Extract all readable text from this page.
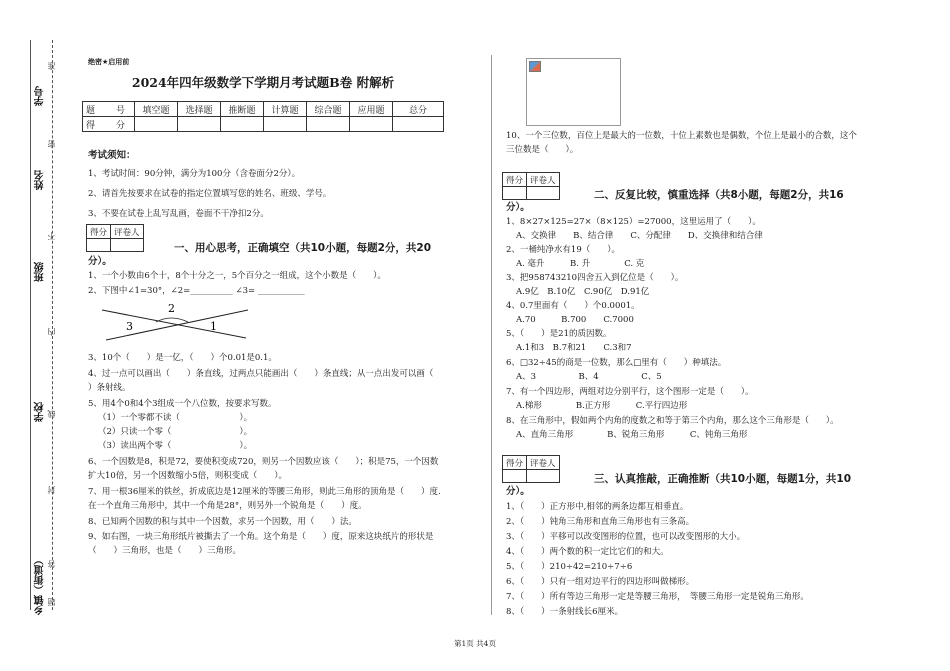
学号
姓名
班级
学校
乡镇（街道） 题
答
封
线
内
不
密
准	绝密★启用前
2024年四年级数学下学期月考试题B卷 附解析
题　号	填空题	选择题	推断题	计算题	综合题	应用题	总分
得　分							
考试须知：
1、考试时间：90分钟，满分为100分（含卷面分2分）。
2、请首先按要求在试卷的指定位置填写您的姓名、班级、学号。
3、不要在试卷上乱写乱画，卷面不干净扣2分。
得分	评卷人

一、用心思考，正确填空（共10小题，每题2分，共20
分）。
1、一个小数由6个十，8个十分之一，5个百分之一组成，这个小数是（　　）。
2、下图中∠1=30°，∠2=__________ ∠3= ___________
2
3	1
3、10个（　　）是一亿，（　　）个0.01是0.1。
4、过一点可以画出（　　）条直线，过两点只能画出（　　）条直线；从一点出发可以画（　　
）条射线。
5、用4个0和4个3组成一个八位数，按要求写数。
（1）一个零都不读（　　　　　　　）。
（2）只读一个零（　　　　　　　　）。
（3）读出两个零（　　　　　　　　）。
6、一个因数是8，积是72，要使积变成720，则另一个因数应该（　　）；积是75，一个因数
扩大10倍，另一个因数缩小5倍，则积变成（　　）。
7、用一根36厘米的铁丝，折成底边是12厘米的等腰三角形，则此三角形的顶角是（　　）度.
在一个直角三角形中，其中一个角是28°，则另外一个锐角是（　　）度。
8、已知两个因数的积与其中一个因数，求另一个因数，用（　　）法。
9、如右图，一块三角形纸片被撕去了一个角。这个角是（　　）度，原来这块纸片的形状是
（　　）三角形，也是（　　）三角形。
10、一个三位数，百位上是最大的一位数，十位上素数也是偶数，个位上是最小的合数，这个
三位数是（　　）。
得分	评卷人

二、反复比较，慎重选择（共8小题，每题2分，共16
分）。
1、8×27×125=27×（8×125）=27000，这里运用了（　　）。
A、交换律　　B、结合律　　C、分配律　　D、交换律和结合律
2、一桶纯净水有19（　　）。
A. 毫升　　　B. 升　　　　C. 克
3、把958743210四舍五入到亿位是（　　）。
A.9亿　B.10亿　C.90亿　D.91亿
4、0.7里面有（　　）个0.0001。
A.70　　　B.700　　C.7000
5、（　　）是21的质因数。
A.1和3　B.7和21　　C.3和7
6、□32÷45的商是一位数，那么□里有（　　）种填法。
A、3　　　　　B、4　　　　　C、5
7、有一个四边形，两组对边分别平行，这个图形一定是（　　）。
A.梯形　　　　B.正方形　　　C.平行四边形
8、在三角形中，假如两个内角的度数之和等于第三个内角，那么这个三角形是（　　）。
A、直角三角形　　　　B、锐角三角形　　　C、钝角三角形
得分	评卷人

三、认真推敲，正确推断（共10小题，每题1分，共10
分）。
1、（　　）正方形中,相邻的两条边都互相垂直。
2、（　　）钝角三角形和直角三角形也有三条高。
3、（　　）平移可以改变图形的位置，也可以改变图形的大小。
4、（　　）两个数的积一定比它们的和大。
5、（　　）210÷42=210÷7÷6
6、（　　）只有一组对边平行的四边形叫做梯形。
7、（　　）所有等边三角形一定是等腰三角形，　等腰三角形一定是锐角三角形。
8、（　　）一条射线长6厘米。
第1页 共4页
